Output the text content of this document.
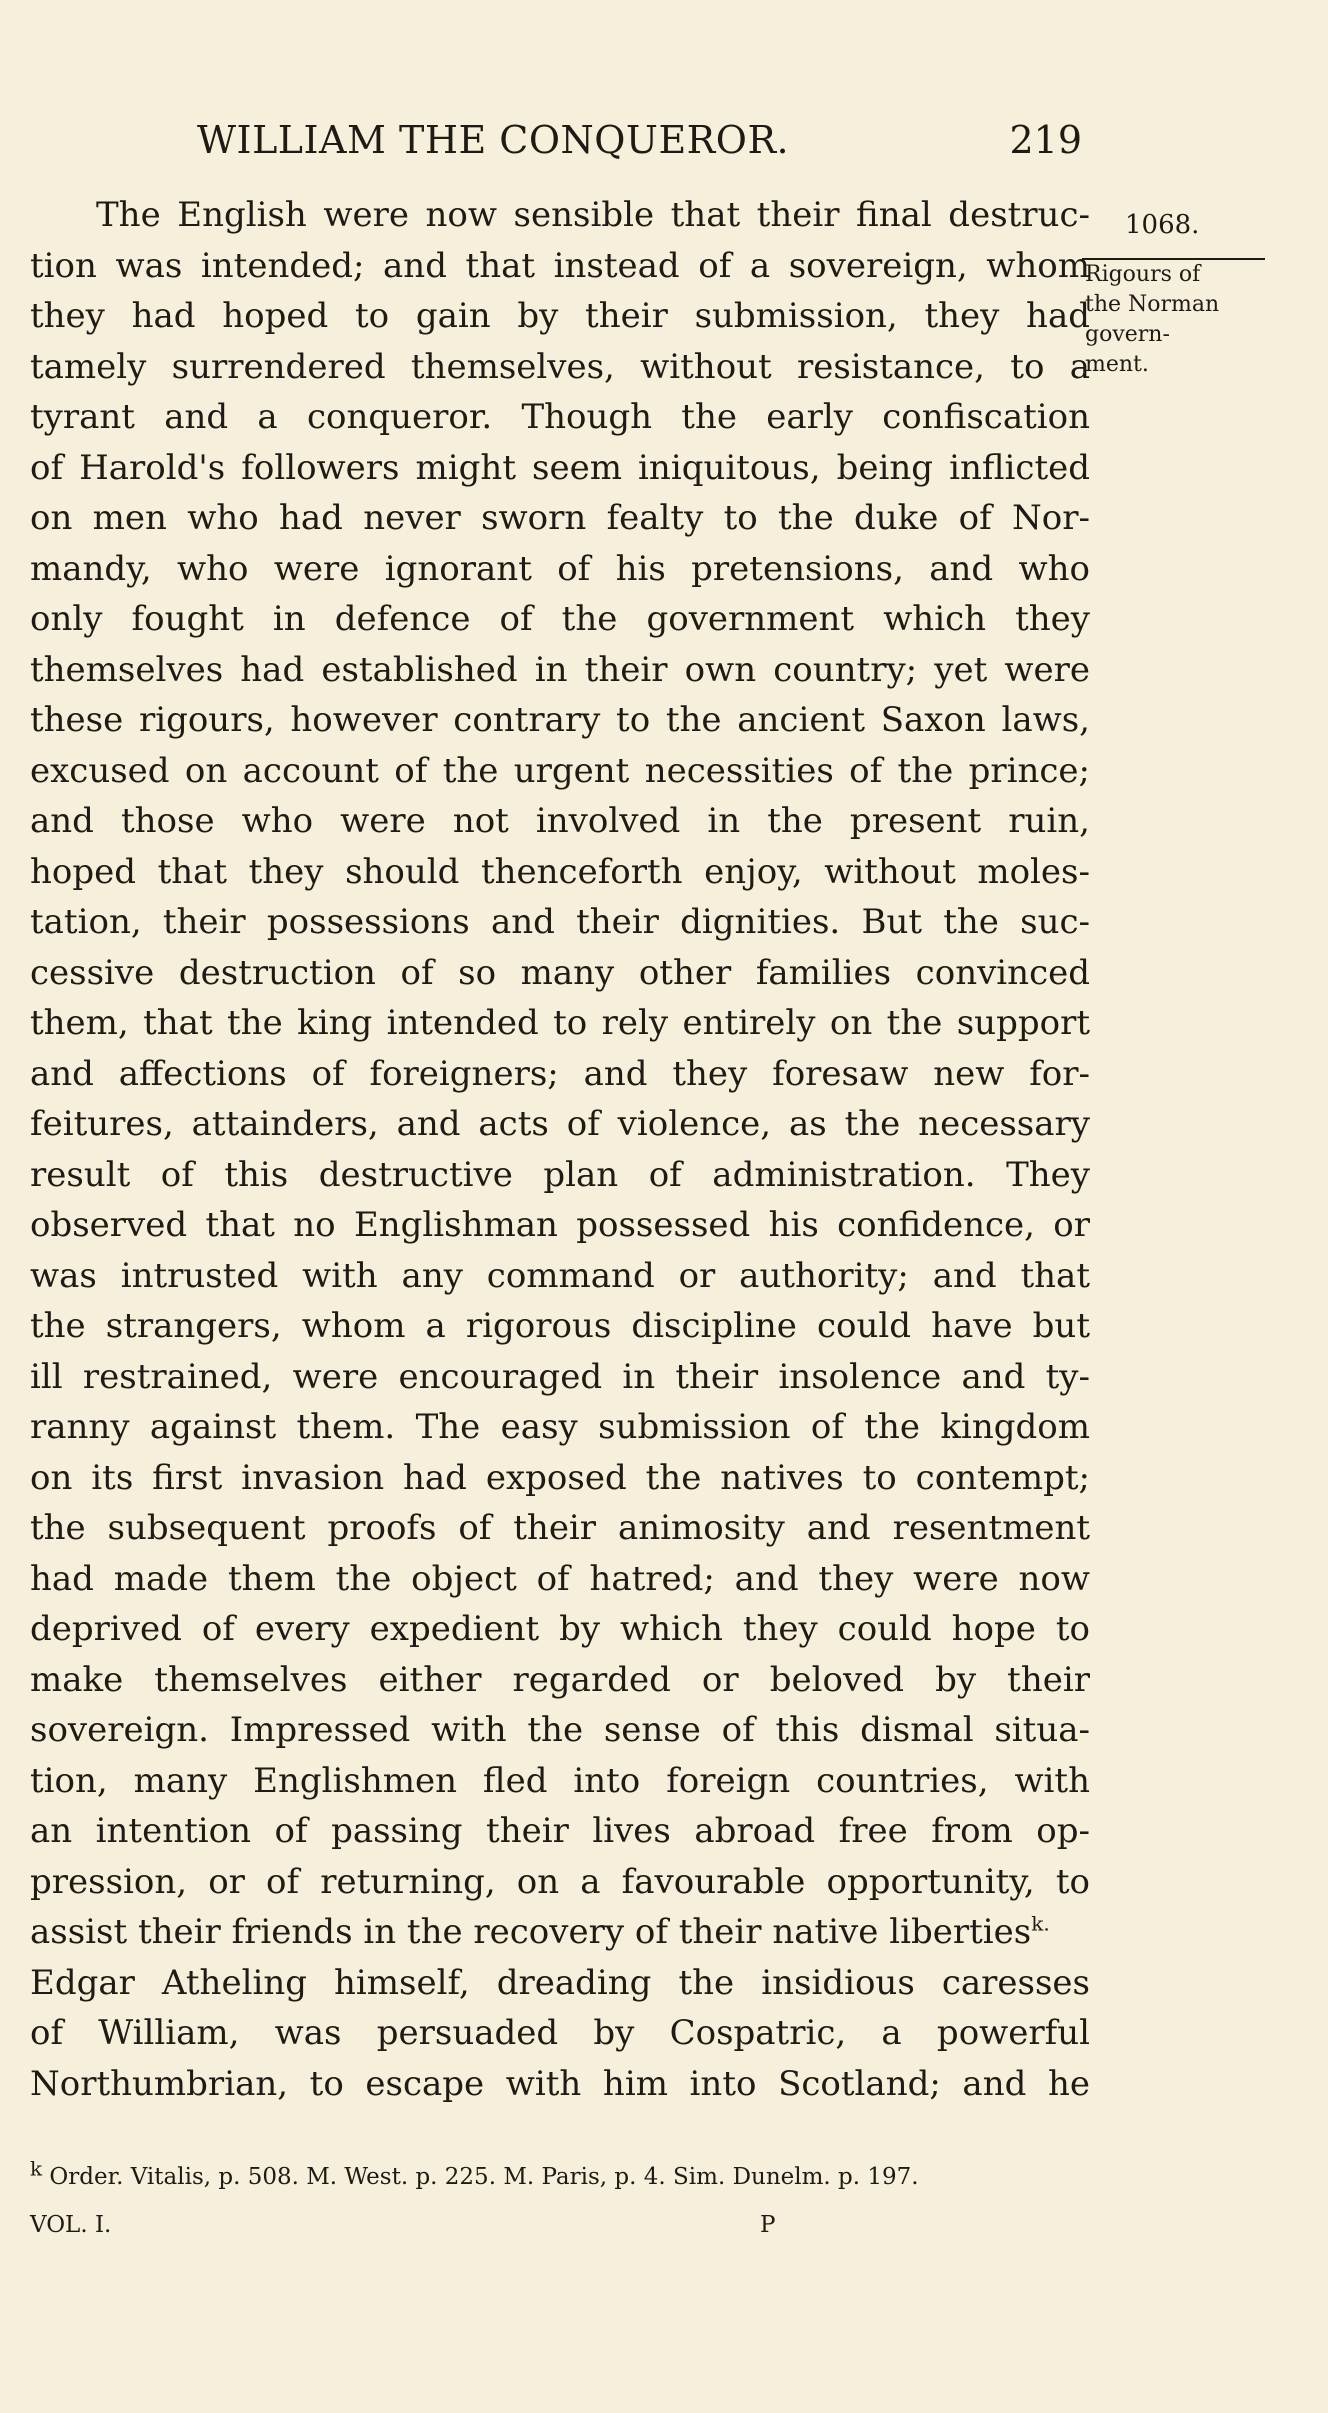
WILLIAM THE CONQUEROR.	219
1068.
Rigours of
the Norman
govern-
ment.
The English were now sensible that their final destruc-
tion was intended; and that instead of a sovereign, whom
they had hoped to gain by their submission, they had
tamely surrendered themselves, without resistance, to a
tyrant and a conqueror. Though the early confiscation
of Harold's followers might seem iniquitous, being inflicted
on men who had never sworn fealty to the duke of Nor-
mandy, who were ignorant of his pretensions, and who
only fought in defence of the government which they
themselves had established in their own country; yet were
these rigours, however contrary to the ancient Saxon laws,
excused on account of the urgent necessities of the prince;
and those who were not involved in the present ruin,
hoped that they should thenceforth enjoy, without moles-
tation, their possessions and their dignities. But the suc-
cessive destruction of so many other families convinced
them, that the king intended to rely entirely on the support
and affections of foreigners; and they foresaw new for-
feitures, attainders, and acts of violence, as the necessary
result of this destructive plan of administration. They
observed that no Englishman possessed his confidence, or
was intrusted with any command or authority; and that
the strangers, whom a rigorous discipline could have but
ill restrained, were encouraged in their insolence and ty-
ranny against them. The easy submission of the kingdom
on its first invasion had exposed the natives to contempt;
the subsequent proofs of their animosity and resentment
had made them the object of hatred; and they were now
deprived of every expedient by which they could hope to
make themselves either regarded or beloved by their
sovereign. Impressed with the sense of this dismal situa-
tion, many Englishmen fled into foreign countries, with
an intention of passing their lives abroad free from op-
pression, or of returning, on a favourable opportunity, to
assist their friends in the recovery of their native liberties$^{k.}$
Edgar Atheling himself, dreading the insidious caresses
of William, was persuaded by Cospatric, a powerful
Northumbrian, to escape with him into Scotland; and he
k Order. Vitalis, p. 508. M. West. p. 225. M. Paris, p. 4. Sim. Dunelm. p. 197.
VOL. I.	P
